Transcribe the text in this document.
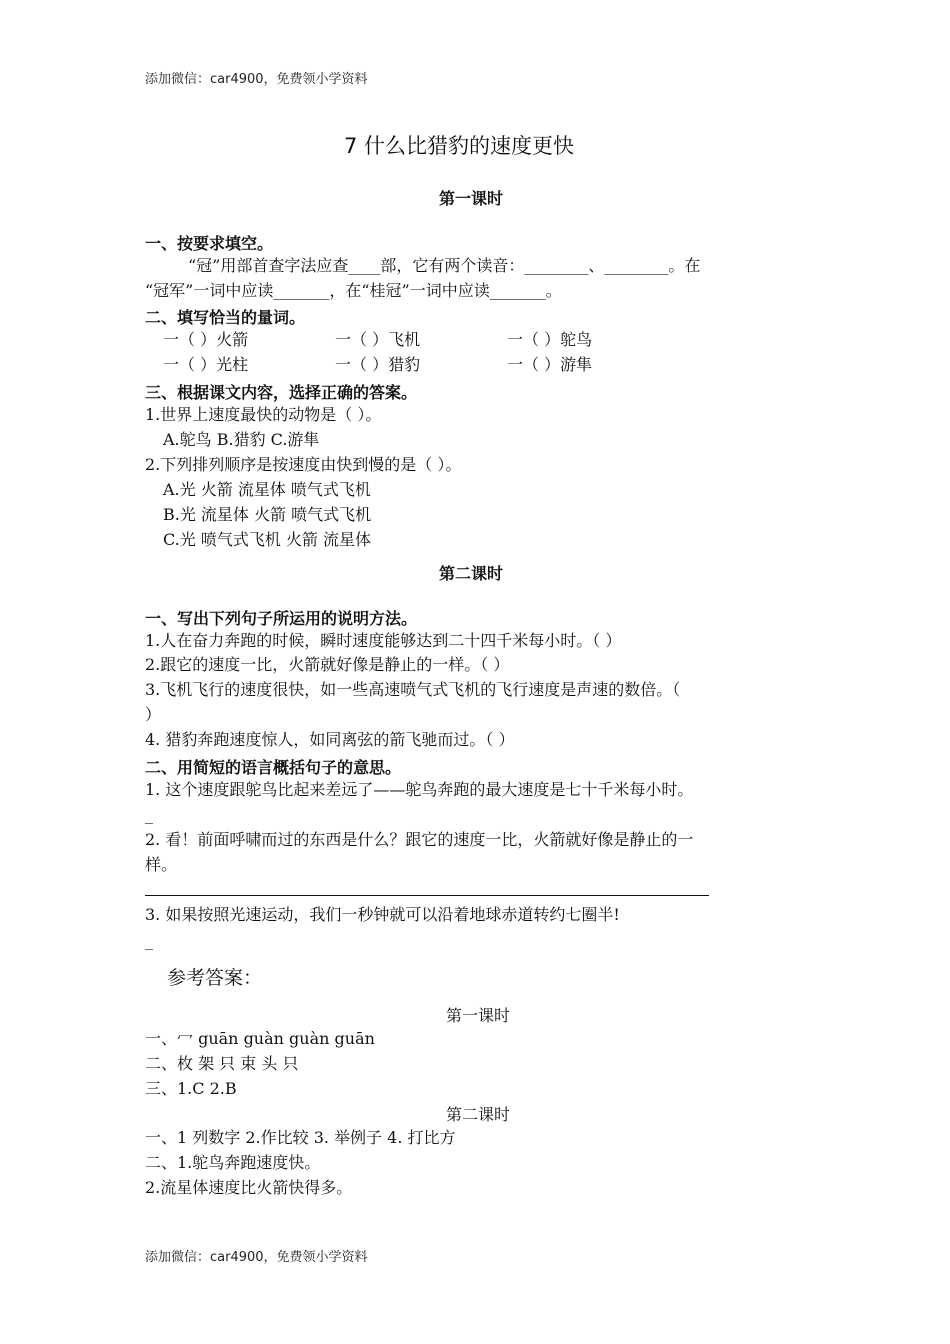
添加微信：car4900，免费领小学资料
7 什么比猎豹的速度更快
第一课时
一、按要求填空。
“冠”用部首查字法应查____部，它有两个读音：________、________。在
“冠军”一词中应读_______，在“桂冠”一词中应读_______。
二、填写恰当的量词。
一（ ）火箭	一（ ）飞机	一（ ）鸵鸟
一（ ）光柱	一（ ）猎豹	一（ ）游隼
三、根据课文内容，选择正确的答案。
1.世界上速度最快的动物是（ ）。
A.鸵鸟 B.猎豹 C.游隼
2.下列排列顺序是按速度由快到慢的是（ ）。
A.光 火箭 流星体 喷气式飞机
B.光 流星体 火箭 喷气式飞机
C.光 喷气式飞机 火箭 流星体
第二课时
一、写出下列句子所运用的说明方法。
1.人在奋力奔跑的时候，瞬时速度能够达到二十四千米每小时。（ ）
2.跟它的速度一比，火箭就好像是静止的一样。（ ）
3.飞机飞行的速度很快，如一些高速喷气式飞机的飞行速度是声速的数倍。（
）
4. 猎豹奔跑速度惊人，如同离弦的箭飞驰而过。（ ）
二、用简短的语言概括句子的意思。
1. 这个速度跟鸵鸟比起来差远了——鸵鸟奔跑的最大速度是七十千米每小时。
_
2. 看！前面呼啸而过的东西是什么？跟它的速度一比，火箭就好像是静止的一
样。
3. 如果按照光速运动，我们一秒钟就可以沿着地球赤道转约七圈半!
_
参考答案：
第一课时
一、冖 guān guàn guàn guān
二、枚 架 只 束 头 只
三、1.C 2.B
第二课时
一、1 列数字 2.作比较 3. 举例子 4. 打比方
二、1.鸵鸟奔跑速度快。
2.流星体速度比火箭快得多。
添加微信：car4900，免费领小学资料
